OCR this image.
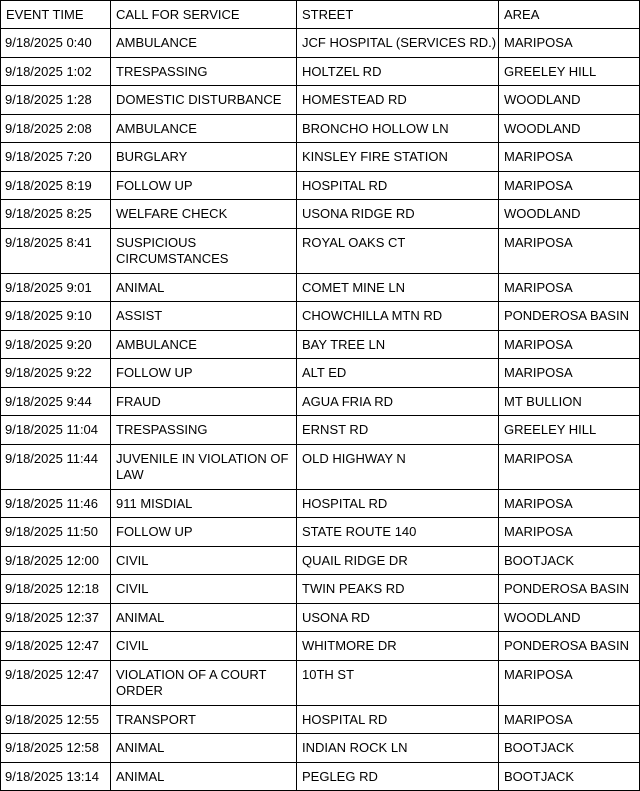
EVENT TIME	CALL FOR SERVICE	STREET	AREA
9/18/2025 0:40	AMBULANCE	JCF HOSPITAL (SERVICES RD.)	MARIPOSA
9/18/2025 1:02	TRESPASSING	HOLTZEL RD	GREELEY HILL
9/18/2025 1:28	DOMESTIC DISTURBANCE	HOMESTEAD RD	WOODLAND
9/18/2025 2:08	AMBULANCE	BRONCHO HOLLOW LN	WOODLAND
9/18/2025 7:20	BURGLARY	KINSLEY FIRE STATION	MARIPOSA
9/18/2025 8:19	FOLLOW UP	HOSPITAL RD	MARIPOSA
9/18/2025 8:25	WELFARE CHECK	USONA RIDGE RD	WOODLAND
9/18/2025 8:41	SUSPICIOUS CIRCUMSTANCES	ROYAL OAKS CT	MARIPOSA
9/18/2025 9:01	ANIMAL	COMET MINE LN	MARIPOSA
9/18/2025 9:10	ASSIST	CHOWCHILLA MTN RD	PONDEROSA BASIN
9/18/2025 9:20	AMBULANCE	BAY TREE LN	MARIPOSA
9/18/2025 9:22	FOLLOW UP	ALT ED	MARIPOSA
9/18/2025 9:44	FRAUD	AGUA FRIA RD	MT BULLION
9/18/2025 11:04	TRESPASSING	ERNST RD	GREELEY HILL
9/18/2025 11:44	JUVENILE IN VIOLATION OF LAW	OLD HIGHWAY N	MARIPOSA
9/18/2025 11:46	911 MISDIAL	HOSPITAL RD	MARIPOSA
9/18/2025 11:50	FOLLOW UP	STATE ROUTE 140	MARIPOSA
9/18/2025 12:00	CIVIL	QUAIL RIDGE DR	BOOTJACK
9/18/2025 12:18	CIVIL	TWIN PEAKS RD	PONDEROSA BASIN
9/18/2025 12:37	ANIMAL	USONA RD	WOODLAND
9/18/2025 12:47	CIVIL	WHITMORE DR	PONDEROSA BASIN
9/18/2025 12:47	VIOLATION OF A COURT ORDER	10TH ST	MARIPOSA
9/18/2025 12:55	TRANSPORT	HOSPITAL RD	MARIPOSA
9/18/2025 12:58	ANIMAL	INDIAN ROCK LN	BOOTJACK
9/18/2025 13:14	ANIMAL	PEGLEG RD	BOOTJACK
